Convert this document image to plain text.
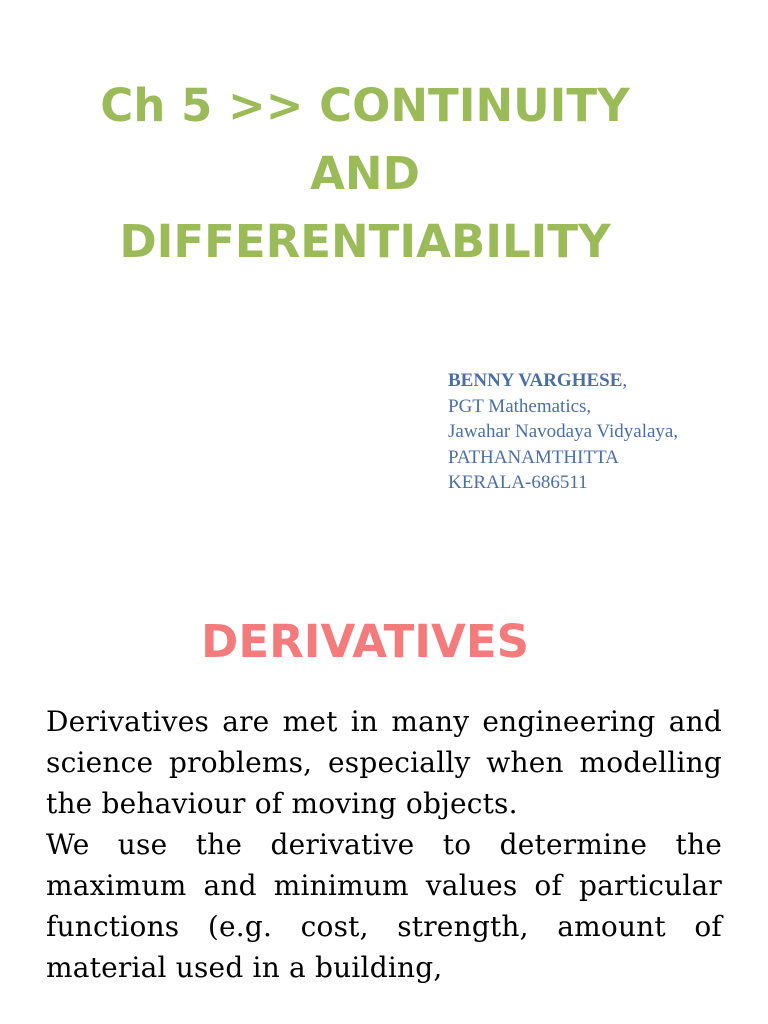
Ch 5 >> CONTINUITY
AND
DIFFERENTIABILITY
BENNY VARGHESE,
PGT Mathematics,
Jawahar Navodaya Vidyalaya,
PATHANAMTHITTA
KERALA-686511
DERIVATIVES

Derivatives are met in many engineering and science problems, especially when modelling the behaviour of moving objects.

We use the derivative to determine the maximum and minimum values of particular functions (e.g. cost, strength, amount of material used in a building,
